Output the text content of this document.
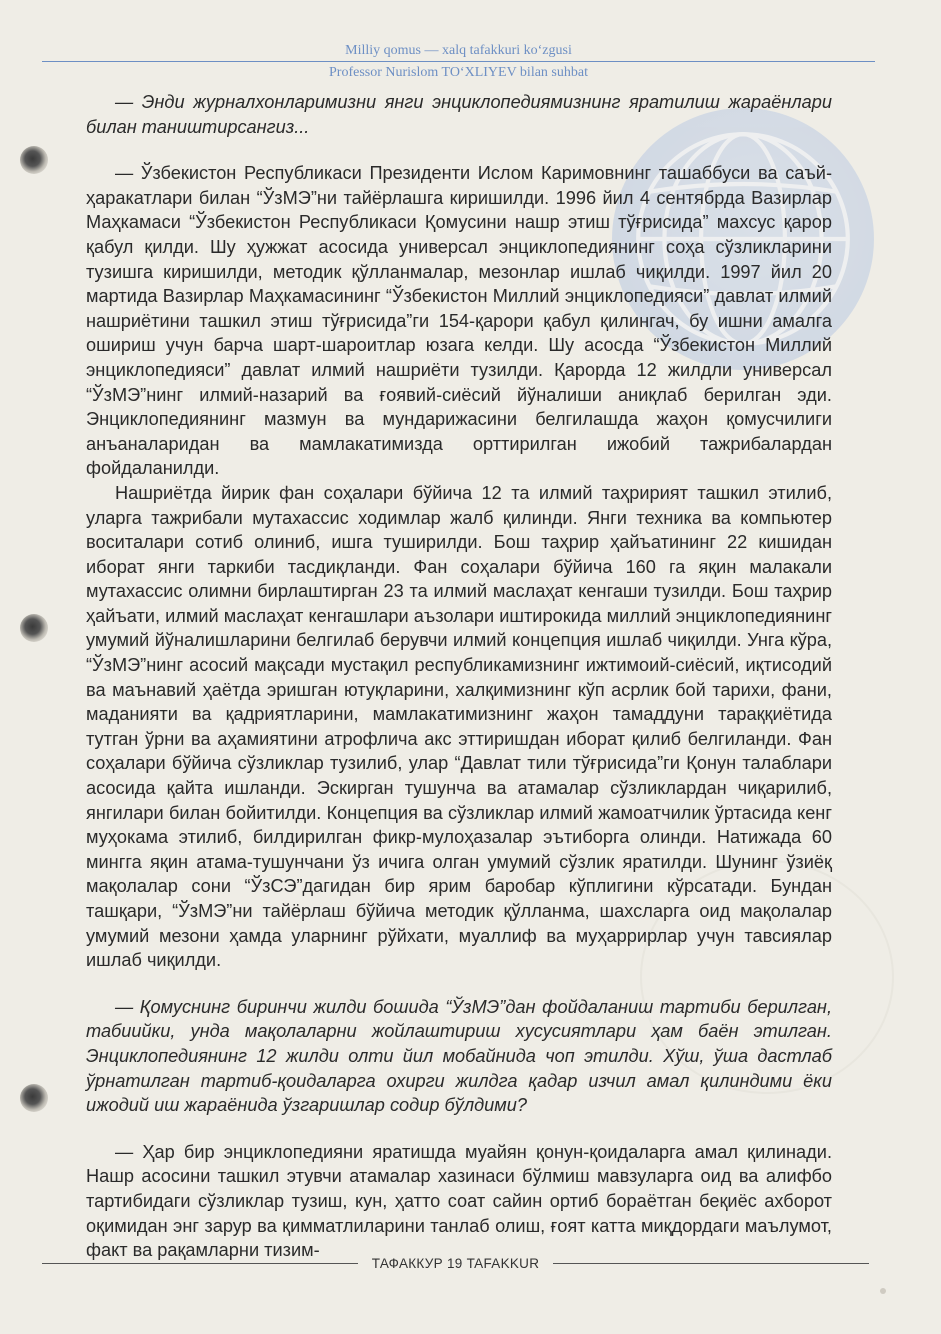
Milliy qomus — xalq tafakkuri ko‘zgusi
Professor Nurislom TO‘XLIYEV bilan suhbat

— Энди журналхонларимизни янги энциклопедиямизнинг яратилиш жараёнлари билан таништирсангиз...

— Ўзбекистон Республикаси Президенти Ислом Каримовнинг ташаббуси ва саъй-ҳаракатлари билан “ЎзМЭ”ни тайёрлашга киришилди. 1996 йил 4 сентябрда Вазирлар Маҳкамаси “Ўзбекистон Республикаси Қомусини нашр этиш тўғрисида” махсус қарор қабул қилди. Шу ҳужжат асосида универсал энциклопедиянинг соҳа сўзликларини тузишга киришилди, методик қўлланмалар, мезонлар ишлаб чиқилди. 1997 йил 20 мартида Вазирлар Маҳкамасининг “Ўзбекистон Миллий энциклопедияси” давлат илмий нашриётини ташкил этиш тўғрисида”ги 154-қарори қабул қилингач, бу ишни амалга ошириш учун барча шарт-шароитлар юзага келди. Шу асосда “Ўзбекистон Миллий энциклопедияси” давлат илмий нашриёти тузилди. Қарорда 12 жилдли универсал “ЎзМЭ”нинг илмий-назарий ва ғоявий-сиёсий йўналиши аниқлаб берилган эди. Энциклопедиянинг мазмун ва мундарижасини белгилашда жаҳон қомусчилиги анъаналаридан ва мамлакатимизда орттирилган ижобий тажрибалардан фойдаланилди.

Нашриётда йирик фан соҳалари бўйича 12 та илмий таҳририят ташкил этилиб, уларга тажрибали мутахассис ходимлар жалб қилинди. Янги техника ва компьютер воситалари сотиб олиниб, ишга туширилди. Бош таҳрир ҳайъатининг 22 кишидан иборат янги таркиби тасдиқланди. Фан соҳалари бўйича 160 га яқин малакали мутахассис олимни бирлаштирган 23 та илмий маслаҳат кенгаши тузилди. Бош таҳрир ҳайъати, илмий маслаҳат кенгашлари аъзолари иштирокида миллий энциклопедиянинг умумий йўналишларини белгилаб берувчи илмий концепция ишлаб чиқилди. Унга кўра, “ЎзМЭ”нинг асосий мақсади мустақил республикамизнинг ижтимоий-сиёсий, иқтисодий ва маънавий ҳаётда эришган ютуқларини, халқимизнинг кўп асрлик бой тарихи, фани, маданияти ва қадриятларини, мамлакатимизнинг жаҳон тамаддуни тараққиётида тутган ўрни ва аҳамиятини атрофлича акс эттиришдан иборат қилиб белгиланди. Фан соҳалари бўйича сўзликлар тузилиб, улар “Давлат тили тўғрисида”ги Қонун талаблари асосида қайта ишланди. Эскирган тушунча ва атамалар сўзликлардан чиқарилиб, янгилари билан бойитилди. Концепция ва сўзликлар илмий жамоатчилик ўртасида кенг муҳокама этилиб, билдирилган фикр-мулоҳазалар эътиборга олинди. Натижада 60 мингга яқин атама-тушунчани ўз ичига олган умумий сўзлик яратилди. Шунинг ўзиёқ мақолалар сони “ЎзСЭ”дагидан бир ярим баробар кўплигини кўрсатади. Бундан ташқари, “ЎзМЭ”ни тайёрлаш бўйича методик қўлланма, шахсларга оид мақолалар умумий мезони ҳамда уларнинг рўйхати, муаллиф ва муҳаррирлар учун тавсиялар ишлаб чиқилди.

— Қомуснинг биринчи жилди бошида “ЎзМЭ”дан фойдаланиш тартиби берилган, табиийки, унда мақолаларни жойлаштириш хусусиятлари ҳам баён этилган. Энциклопедиянинг 12 жилди олти йил мобайнида чоп этилди. Хўш, ўша дастлаб ўрнатилган тартиб-қоидаларга охирги жилдга қадар изчил амал қилиндими ёки ижодий иш жараёнида ўзгаришлар содир бўлдими?

— Ҳар бир энциклопедияни яратишда муайян қонун-қоидаларга амал қилинади. Нашр асосини ташкил этувчи атамалар хазинаси бўлмиш мавзуларга оид ва алифбо тартибидаги сўзликлар тузиш, кун, ҳатто соат сайин ортиб бораётган беқиёс ахборот оқимидан энг зарур ва қимматлиларини танлаб олиш, ғоят катта миқдордаги маълумот, факт ва рақамларни тизим-

ТАФАККУР 19 TAFAKKUR
